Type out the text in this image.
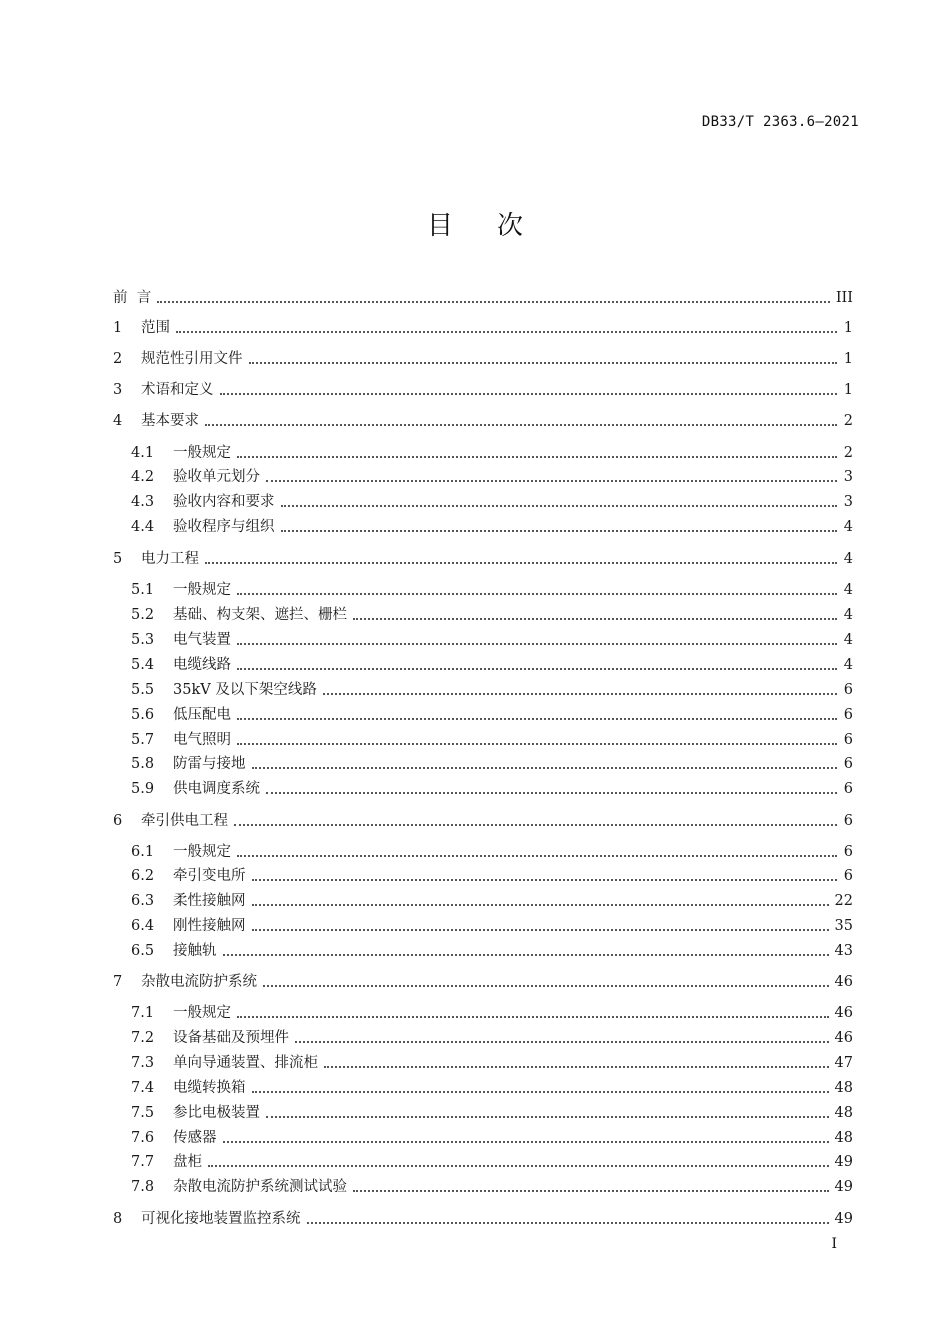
DB33/T 2363.6—2021
目次
前  言	III
1	范围	1
2	规范性引用文件	1
3	术语和定义	1
4	基本要求	2
4.1	一般规定	2
4.2	验收单元划分	3
4.3	验收内容和要求	3
4.4	验收程序与组织	4
5	电力工程	4
5.1	一般规定	4
5.2	基础、构支架、遮拦、栅栏	4
5.3	电气装置	4
5.4	电缆线路	4
5.5	35kV 及以下架空线路	6
5.6	低压配电	6
5.7	电气照明	6
5.8	防雷与接地	6
5.9	供电调度系统	6
6	牵引供电工程	6
6.1	一般规定	6
6.2	牵引变电所	6
6.3	柔性接触网	22
6.4	刚性接触网	35
6.5	接触轨	43
7	杂散电流防护系统	46
7.1	一般规定	46
7.2	设备基础及预埋件	46
7.3	单向导通装置、排流柜	47
7.4	电缆转换箱	48
7.5	参比电极装置	48
7.6	传感器	48
7.7	盘柜	49
7.8	杂散电流防护系统测试试验	49
8	可视化接地装置监控系统	49
I
